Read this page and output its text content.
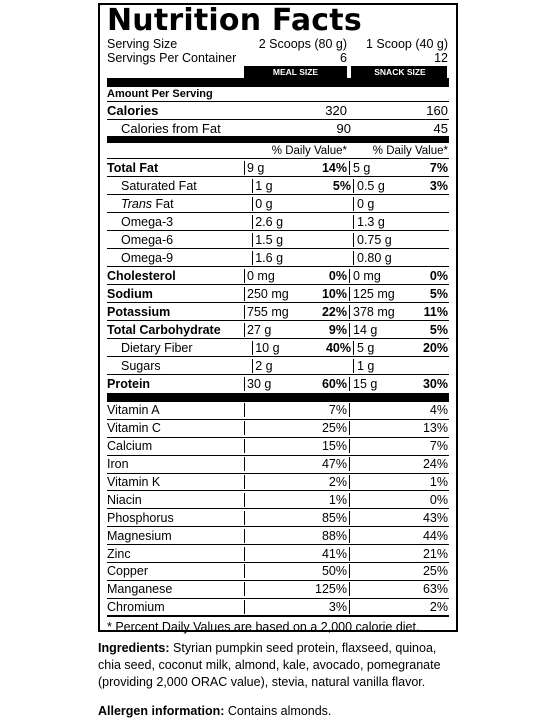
Nutrition Facts
Serving Size	2 Scoops (80 g)	1 Scoop (40 g)
Servings Per Container	6	12
MEAL SIZE	SNACK SIZE
Amount Per Serving
Calories	320	160
Calories from Fat	90	45
% Daily Value*	% Daily Value*
Total Fat	9 g	14% 5 g	7%
Saturated Fat	1 g	5% 0.5 g	3%
Trans Fat	0 g	0 g
Omega-3	2.6 g	1.3 g
Omega-6	1.5 g	0.75 g
Omega-9	1.6 g	0.80 g
Cholesterol	0 mg	0% 0 mg	0%
Sodium	250 mg	10% 125 mg	5%
Potassium	755 mg	22% 378 mg 11%
Total Carbohydrate	27 g	9% 14 g	5%
Dietary Fiber	10 g	40% 5 g	20%
Sugars	2 g	1 g
Protein	30 g	60% 15 g	30%
Vitamin A	7%	4%
Vitamin C	25%	13%
Calcium	15%	7%
Iron	47%	24%
Vitamin K	2%	1%
Niacin	1%	0%
Phosphorus	85%	43%
Magnesium	88%	44%
Zinc	41%	21%
Copper	50%	25%
Manganese	125%	63%
Chromium	3%	2%
* Percent Daily Values are based on a 2,000 calorie diet.
Ingredients: Styrian pumpkin seed protein, flaxseed, quinoa, chia seed, coconut milk, almond, kale, avocado, pomegranate (providing 2,000 ORAC value), stevia, natural vanilla flavor.
Allergen information: Contains almonds.
